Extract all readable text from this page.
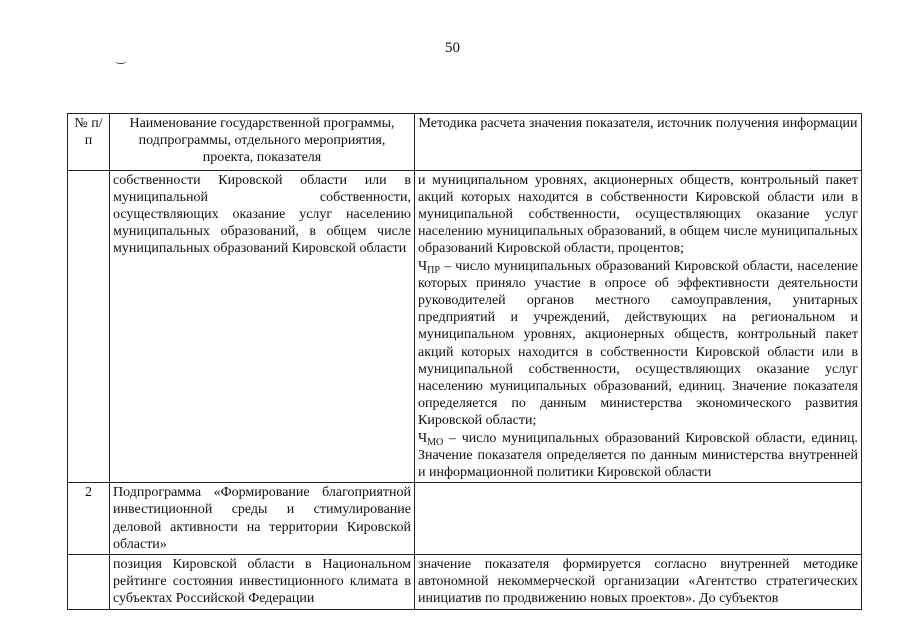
‿
50
№ п/п	Наименование государственной программы, подпрограммы, отдельного мероприятия, проекта, показателя	Методика расчета значения показателя, источник получения информации
	собственности Кировской области или в муниципальной собственности, осуществляющих оказание услуг населению муниципальных образований, в общем числе муниципальных образований Кировской области	и муниципальном уровнях, акционерных обществ, контрольный пакет акций которых находится в собственности Кировской области или в муниципальной собственности, осуществляющих оказание услуг населению муниципальных образований, в общем числе муниципальных образований Кировской области, процентов;

$Ч_{ПР}$ – число муниципальных образований Кировской области, население которых приняло участие в опросе об эффективности деятельности руководителей органов местного самоуправления, унитарных предприятий и учреждений, действующих на региональном и муниципальном уровнях, акционерных обществ, контрольный пакет акций которых находится в собственности Кировской области или в муниципальной собственности, осуществляющих оказание услуг населению муниципальных образований, единиц. Значение показателя определяется по данным министерства экономического развития Кировской области;

$Ч_{МО}$ – число муниципальных образований Кировской области, единиц. Значение показателя определяется по данным министерства внутренней и информационной политики Кировской области

2	Подпрограмма «Формирование благоприятной инвестиционной среды и стимулирование деловой активности на территории Кировской области»	
	позиция Кировской области в Национальном рейтинге состояния инвестиционного климата в субъектах Российской Федерации	значение показателя формируется согласно внутренней методике автономной некоммерческой организации «Агентство стратегических инициатив по продвижению новых проектов». До субъектов
